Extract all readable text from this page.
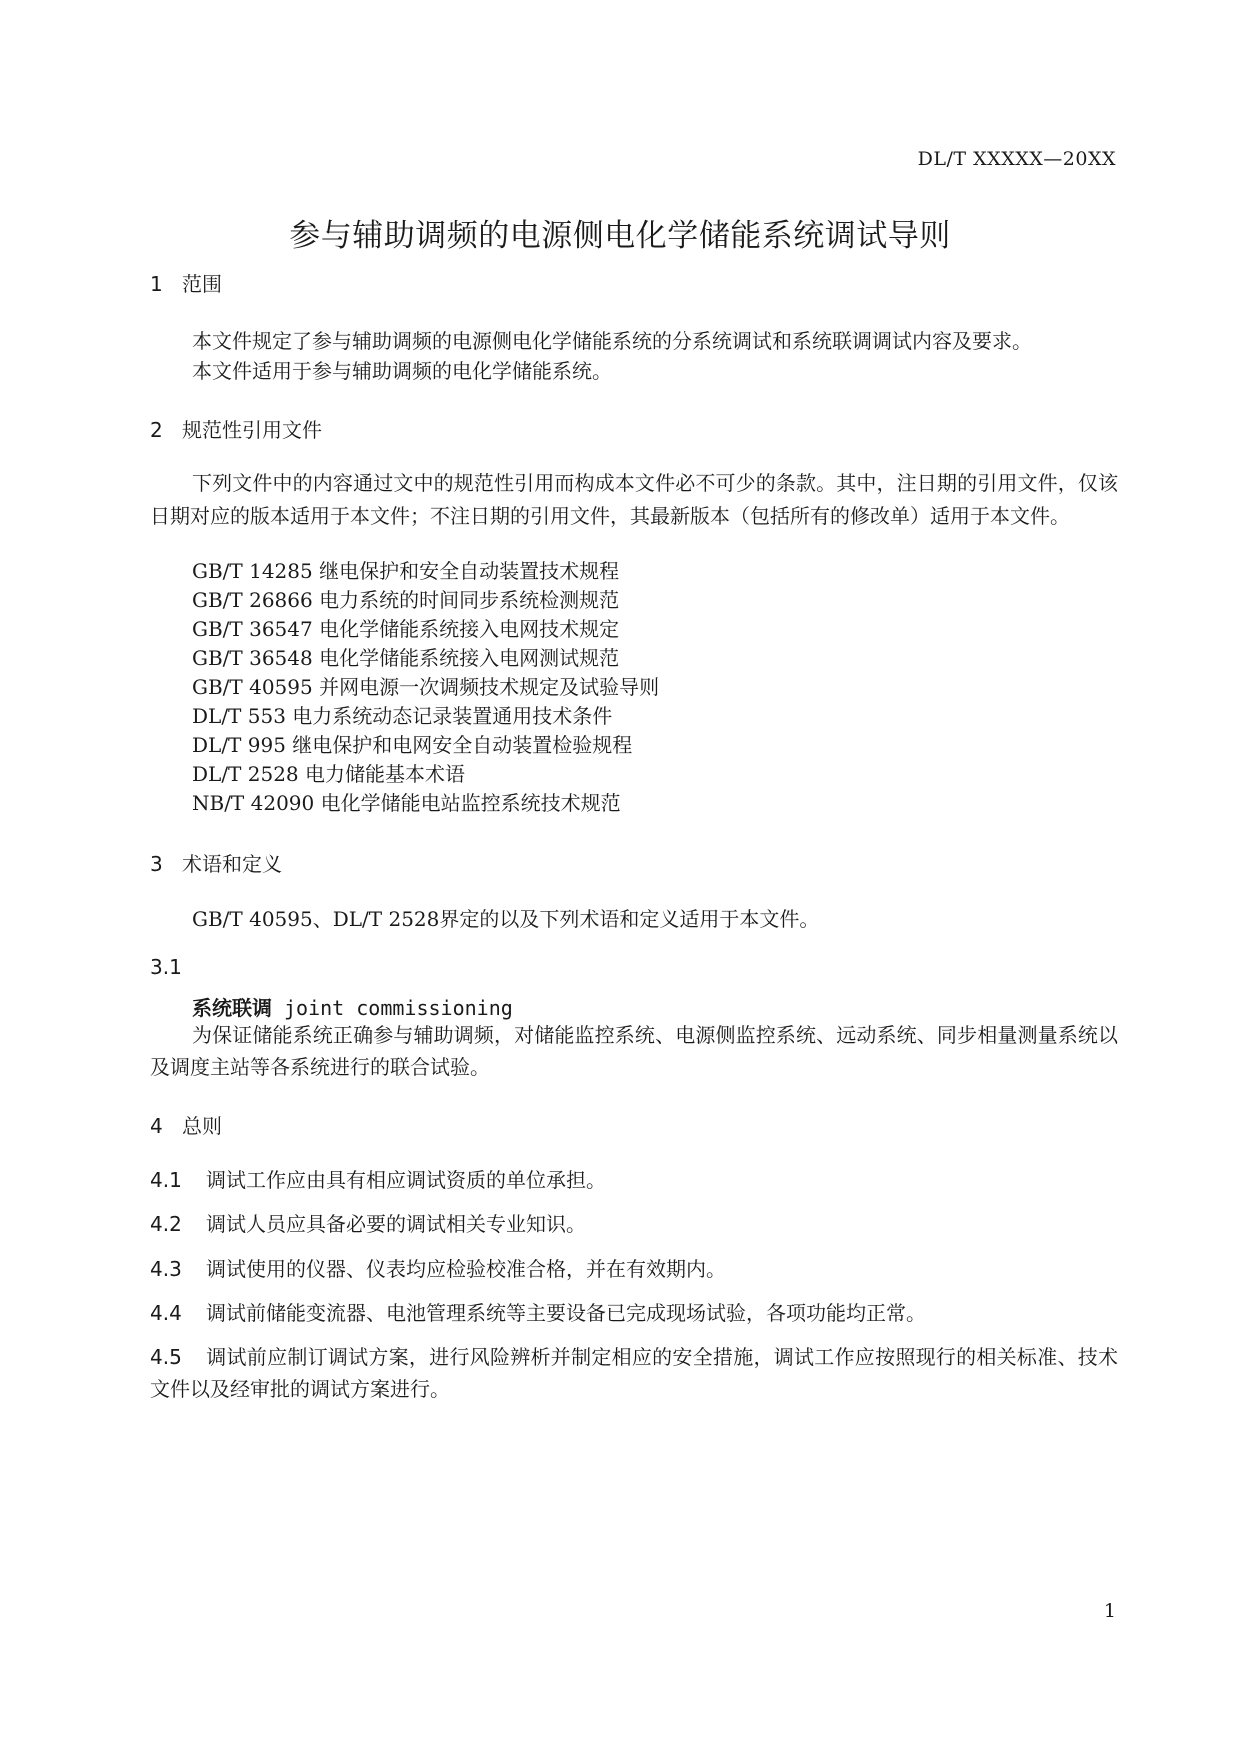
DL/T XXXXX—20XX
参与辅助调频的电源侧电化学储能系统调试导则
1 范围
本文件规定了参与辅助调频的电源侧电化学储能系统的分系统调试和系统联调调试内容及要求。
本文件适用于参与辅助调频的电化学储能系统。
2 规范性引用文件
下列文件中的内容通过文中的规范性引用而构成本文件必不可少的条款。其中，注日期的引用文件，仅该日期对应的版本适用于本文件；不注日期的引用文件，其最新版本（包括所有的修改单）适用于本文件。
GB/T 14285 继电保护和安全自动装置技术规程
GB/T 26866 电力系统的时间同步系统检测规范
GB/T 36547 电化学储能系统接入电网技术规定
GB/T 36548 电化学储能系统接入电网测试规范
GB/T 40595 并网电源一次调频技术规定及试验导则
DL/T 553 电力系统动态记录装置通用技术条件
DL/T 995 继电保护和电网安全自动装置检验规程
DL/T 2528 电力储能基本术语
NB/T 42090 电化学储能电站监控系统技术规范
3 术语和定义
GB/T 40595、DL/T 2528界定的以及下列术语和定义适用于本文件。
3.1
系统联调 joint commissioning
为保证储能系统正确参与辅助调频，对储能监控系统、电源侧监控系统、远动系统、同步相量测量系统以及调度主站等各系统进行的联合试验。
4 总则
4.1 调试工作应由具有相应调试资质的单位承担。
4.2 调试人员应具备必要的调试相关专业知识。
4.3 调试使用的仪器、仪表均应检验校准合格，并在有效期内。
4.4 调试前储能变流器、电池管理系统等主要设备已完成现场试验，各项功能均正常。
4.5 调试前应制订调试方案，进行风险辨析并制定相应的安全措施，调试工作应按照现行的相关标准、技术文件以及经审批的调试方案进行。
1
